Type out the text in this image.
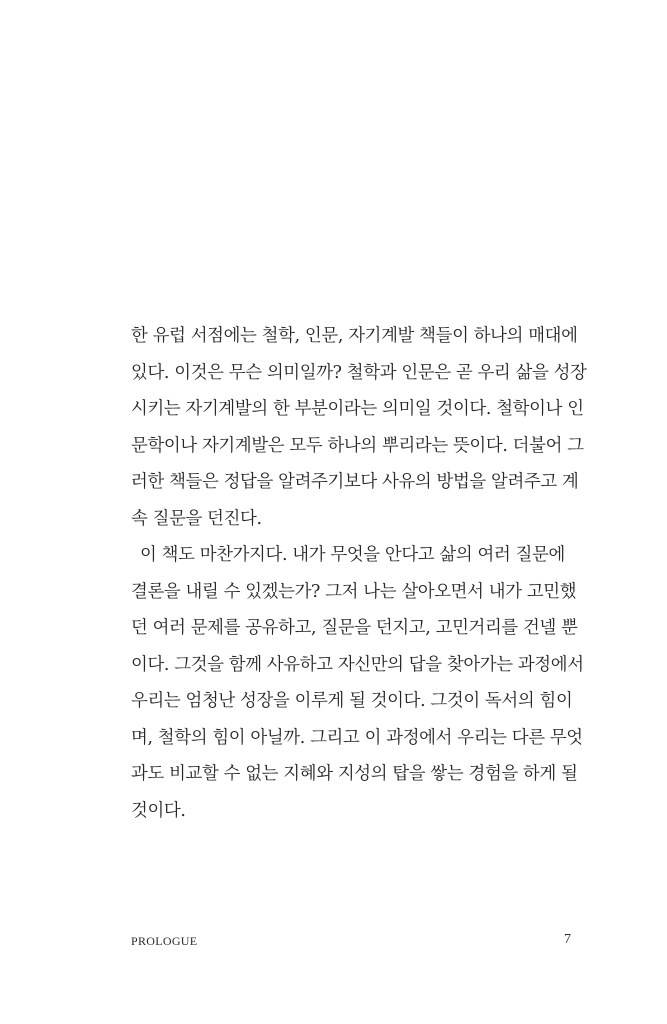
한 유럽 서점에는 철학, 인문, 자기계발 책들이 하나의 매대에
있다. 이것은 무슨 의미일까? 철학과 인문은 곧 우리 삶을 성장
시키는 자기계발의 한 부분이라는 의미일 것이다. 철학이나 인
문학이나 자기계발은 모두 하나의 뿌리라는 뜻이다. 더불어 그
러한 책들은 정답을 알려주기보다 사유의 방법을 알려주고 계
속 질문을 던진다.
이 책도 마찬가지다. 내가 무엇을 안다고 삶의 여러 질문에
결론을 내릴 수 있겠는가? 그저 나는 살아오면서 내가 고민했
던 여러 문제를 공유하고, 질문을 던지고, 고민거리를 건넬 뿐
이다. 그것을 함께 사유하고 자신만의 답을 찾아가는 과정에서
우리는 엄청난 성장을 이루게 될 것이다. 그것이 독서의 힘이
며, 철학의 힘이 아닐까. 그리고 이 과정에서 우리는 다른 무엇
과도 비교할 수 없는 지혜와 지성의 탑을 쌓는 경험을 하게 될
것이다.
PROLOGUE	7
